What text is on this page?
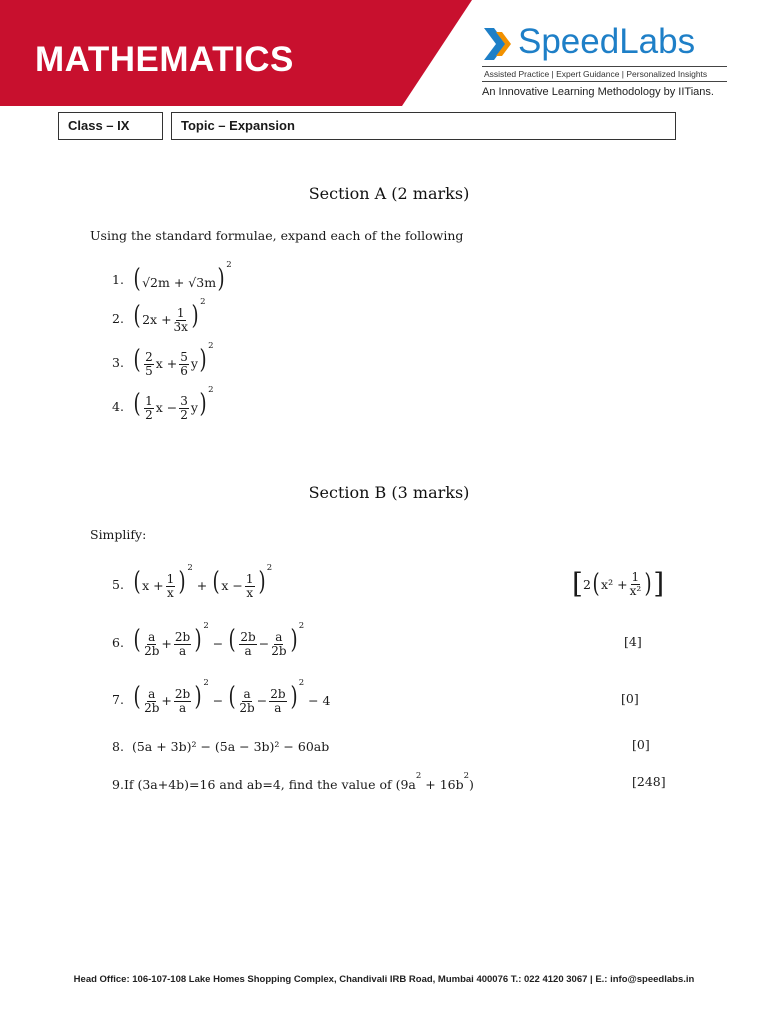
MATHEMATICS	SpeedLabs
Assisted Practice | Expert Guidance | Personalized Insights
An Innovative Learning Methodology by IITians.
Class – IX	Topic – Expansion
Section A (2 marks)
Using the standard formulae, expand each of the following
1. ( √2m + √3m) $^2$
2. ( $2x + \frac{1}{3x}$ ) $^2$
3. ( $\frac{2}{5}$ $x + \frac{5}{6} y$) $^2$
4. ( $\frac{1}{2}$ $x - \frac{3}{2} y$) $^2$
Section B (3 marks)
Simplify:
5. ( $x + \frac{1}{x}$ ) $^2$ + ( $x - \frac{1}{x}$ ) $^2$	[ 2 ( $x^2 + \frac{1}{\text{x²}}$ ) ]
6. ( $\frac{a}{2b} + \frac{2b}{a}$ ) $^2$ − ( $\frac{2b}{a} - \frac{a}{2b}$ ) $^2$
[4]
7. ( $\frac{a}{2b} + \frac{2b}{a}$ ) $^2$ − ( $\frac{a}{2b} - \frac{2b}{a}$ ) $^2$ − 4	[0]
8. (5a + 3b)² − (5a − 3b)² − 60ab	[0]
9. If (3a+4b)=16 and ab=4, find the value of $(9a^2 + 16b^2)$	[248]
Head Office: 106-107-108 Lake Homes Shopping Complex, Chandivali IRB Road, Mumbai 400076 T.: 022 4120 3067 | E.: info@speedlabs.in
